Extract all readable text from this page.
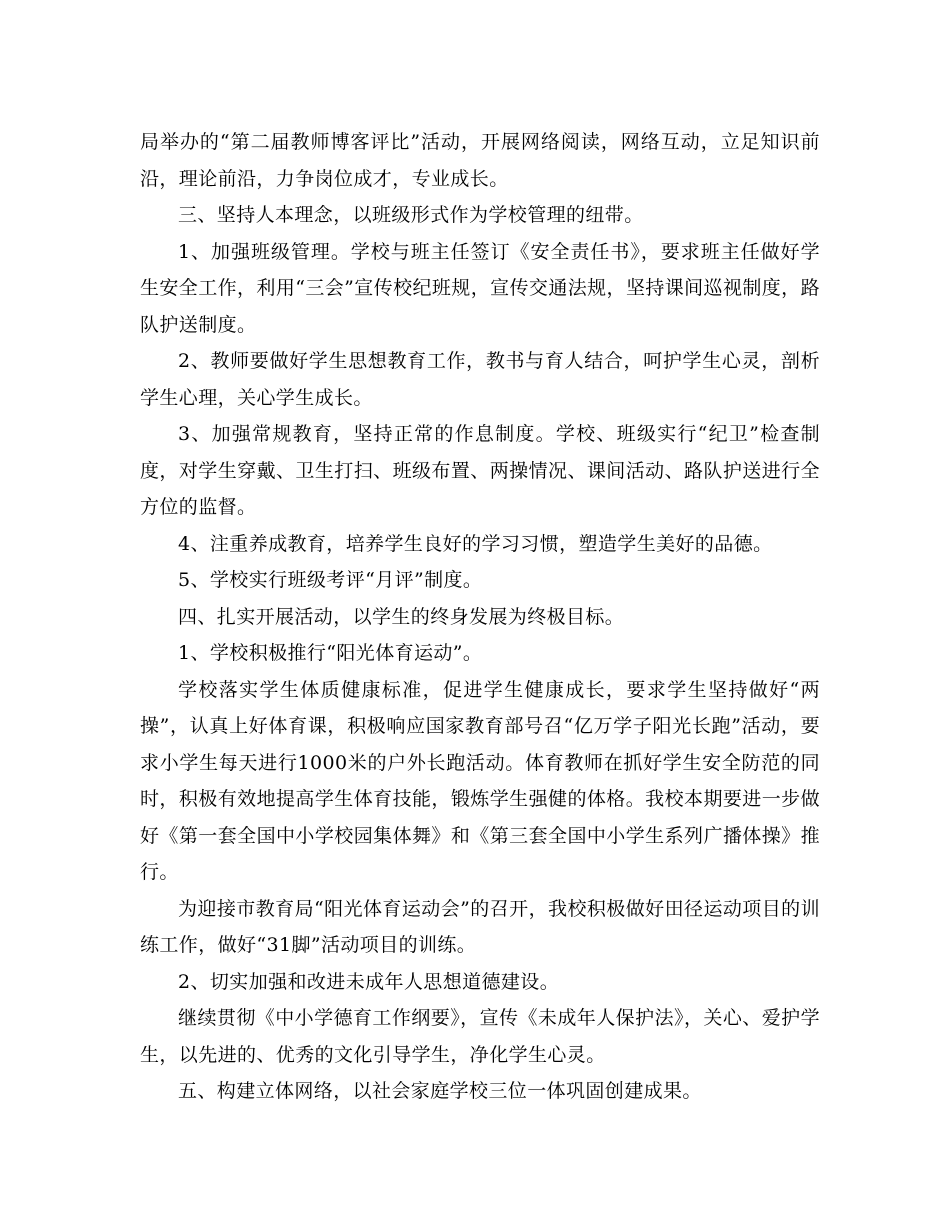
局举办的“第二届教师博客评比”活动，开展网络阅读，网络互动，立足知识前沿，理论前沿，力争岗位成才，专业成长。

三、坚持人本理念，以班级形式作为学校管理的纽带。

1、加强班级管理。学校与班主任签订《安全责任书》，要求班主任做好学生安全工作，利用“三会”宣传校纪班规，宣传交通法规，坚持课间巡视制度，路队护送制度。

2、教师要做好学生思想教育工作，教书与育人结合，呵护学生心灵，剖析学生心理，关心学生成长。

3、加强常规教育，坚持正常的作息制度。学校、班级实行“纪卫”检查制度，对学生穿戴、卫生打扫、班级布置、两操情况、课间活动、路队护送进行全方位的监督。

4、注重养成教育，培养学生良好的学习习惯，塑造学生美好的品德。

5、学校实行班级考评“月评”制度。

四、扎实开展活动，以学生的终身发展为终极目标。

1、学校积极推行“阳光体育运动”。

学校落实学生体质健康标准，促进学生健康成长，要求学生坚持做好“两操”，认真上好体育课，积极响应国家教育部号召“亿万学子阳光长跑”活动，要求小学生每天进行1000米的户外长跑活动。体育教师在抓好学生安全防范的同时，积极有效地提高学生体育技能，锻炼学生强健的体格。我校本期要进一步做好《第一套全国中小学校园集体舞》和《第三套全国中小学生系列广播体操》推行。

为迎接市教育局“阳光体育运动会”的召开，我校积极做好田径运动项目的训练工作，做好“31脚”活动项目的训练。

2、切实加强和改进未成年人思想道德建设。

继续贯彻《中小学德育工作纲要》，宣传《未成年人保护法》，关心、爱护学生，以先进的、优秀的文化引导学生，净化学生心灵。

五、构建立体网络，以社会家庭学校三位一体巩固创建成果。
